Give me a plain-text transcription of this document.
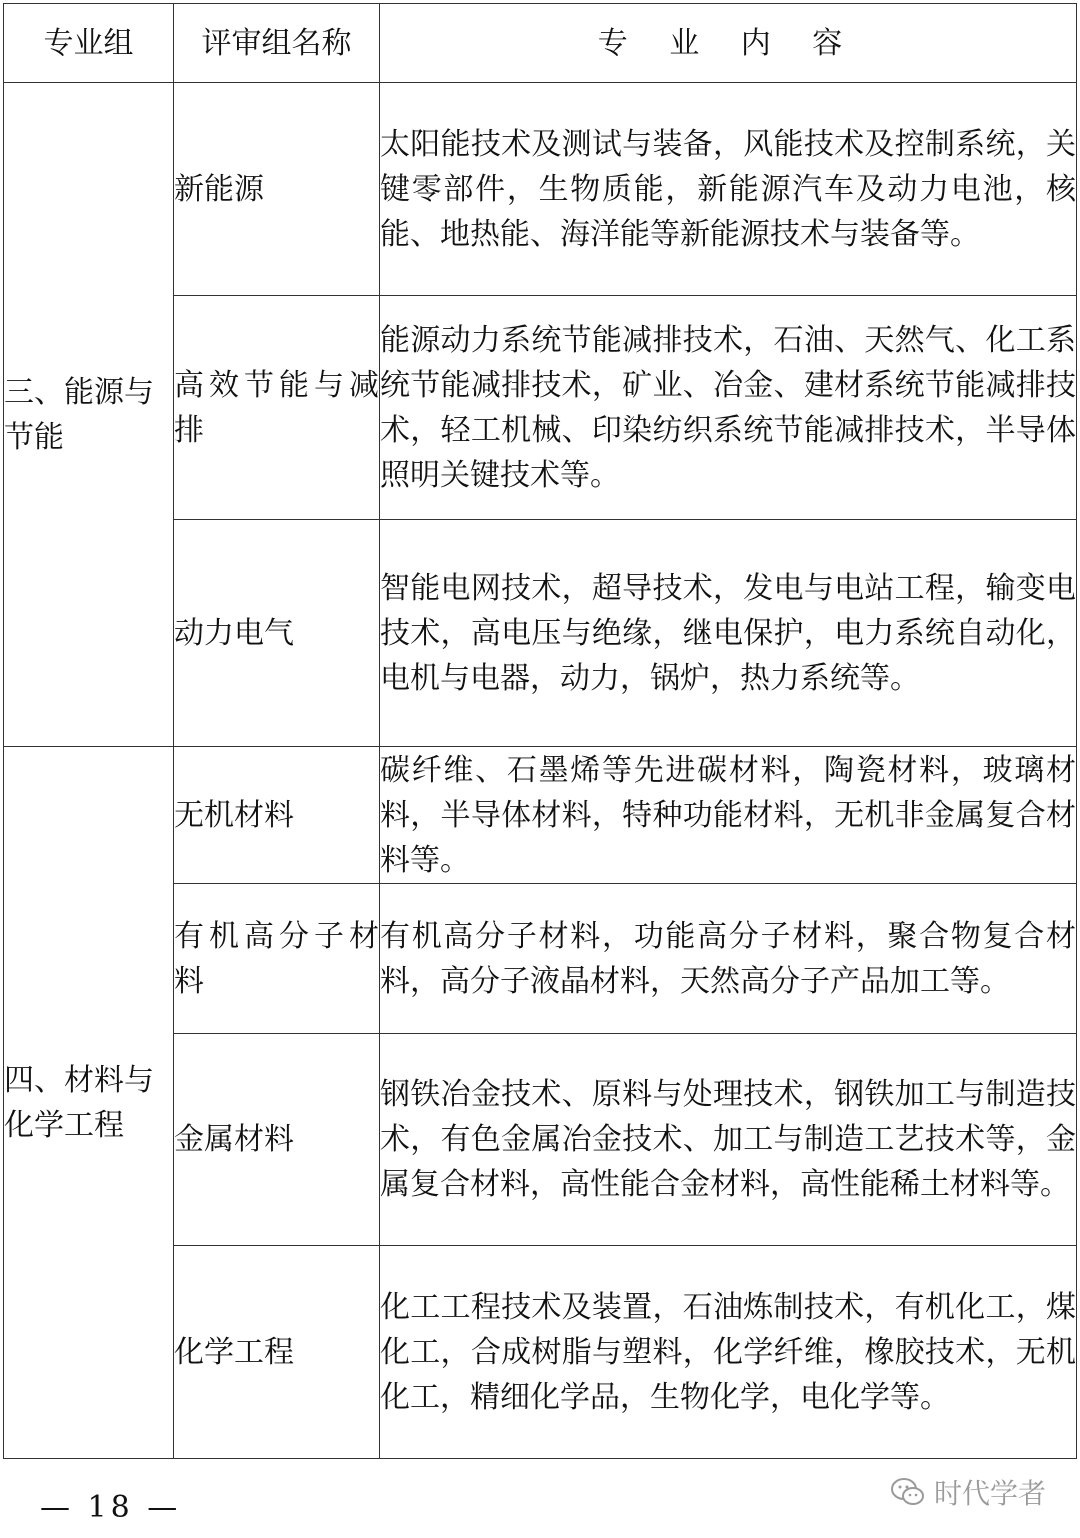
专业组	评审组名称	专 业 内 容
三、能源与节能	新能源	太阳能技术及测试与装备，风能技术及控制系统，关键零部件，生物质能，新能源汽车及动力电池，核能、地热能、海洋能等新能源技术与装备等。
	高效节能与减排	能源动力系统节能减排技术，石油、天然气、化工系统节能减排技术，矿业、冶金、建材系统节能减排技术，轻工机械、印染纺织系统节能减排技术，半导体照明关键技术等。
	动力电气	智能电网技术，超导技术，发电与电站工程，输变电技术，高电压与绝缘，继电保护，电力系统自动化，电机与电器，动力，锅炉，热力系统等。
四、材料与化学工程	无机材料	碳纤维、石墨烯等先进碳材料，陶瓷材料，玻璃材料，半导体材料，特种功能材料，无机非金属复合材料等。
	有机高分子材料	有机高分子材料，功能高分子材料，聚合物复合材料，高分子液晶材料，天然高分子产品加工等。
	金属材料	钢铁冶金技术、原料与处理技术，钢铁加工与制造技术，有色金属冶金技术、加工与制造工艺技术等，金属复合材料，高性能合金材料，高性能稀土材料等。
	化学工程	化工工程技术及装置，石油炼制技术，有机化工，煤化工，合成树脂与塑料，化学纤维，橡胶技术，无机化工，精细化学品，生物化学，电化学等。
— 18 —	时代学者
